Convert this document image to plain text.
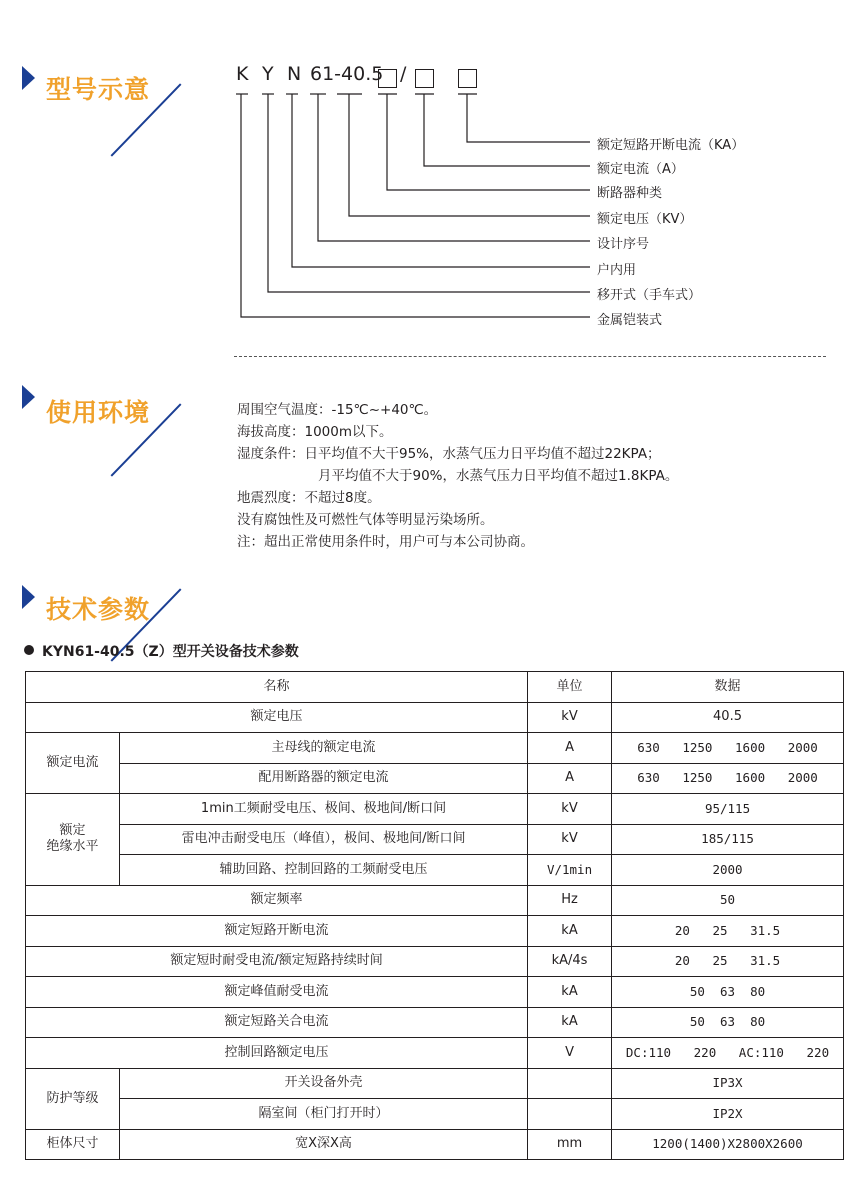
型号示意
K Y N 61-40.5 /
额定短路开断电流（KA）
额定电流（A）
断路器种类
额定电压（KV）
设计序号
户内用
移开式（手车式）
金属铠装式
使用环境	周围空气温度：-15℃~+40℃。
海拔高度：1000m以下。
湿度条件：日平均值不大干95%，水蒸气压力日平均值不超过22KPA；
月平均值不大于90%，水蒸气压力日平均值不超过1.8KPA。
地震烈度：不超过8度。
没有腐蚀性及可燃性气体等明显污染场所。
注：超出正常使用条件时，用户可与本公司协商。
技术参数
KYN61-40.5（Z）型开关设备技术参数
名称		单位	数据
额定电压		kV	40.5
额定电流	主母线的额定电流	A	630   1250   1600   2000
	配用断路器的额定电流	A	630   1250   1600   2000
额定
绝缘水平	1min工频耐受电压、极间、极地间/断口间	kV	95/115
	雷电冲击耐受电压（峰值），极间、极地间/断口间	kV	185/115
	辅助回路、控制回路的工频耐受电压	V/1min	2000
额定频率		Hz	50
额定短路开断电流		kA	20   25   31.5
额定短时耐受电流/额定短路持续时间		kA/4s	20   25   31.5
额定峰值耐受电流		kA	50  63  80
额定短路关合电流		kA	50  63  80
控制回路额定电压		V	DC:110   220   AC:110   220
防护等级	开关设备外壳		IP3X
	隔室间（柜门打开时）		IP2X
柜体尺寸	宽X深X高	mm	1200(1400)X2800X2600
